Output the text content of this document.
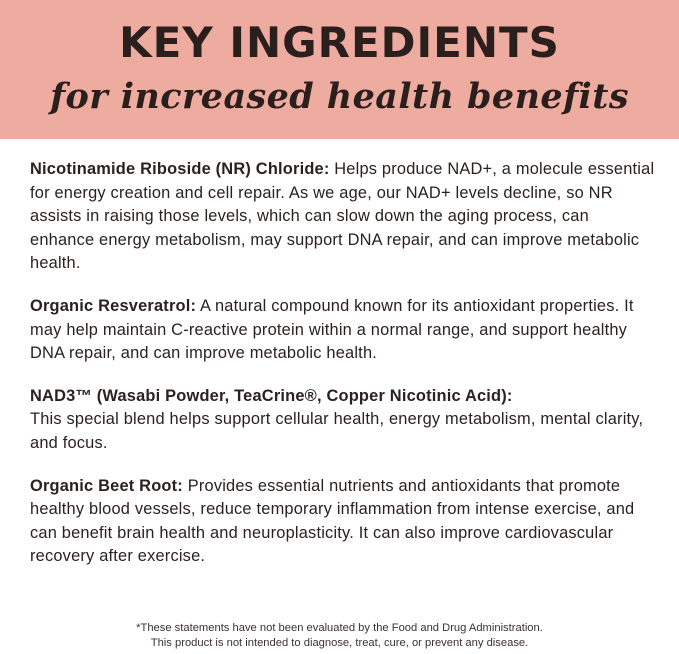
KEY INGREDIENTS
for increased health benefits

Nicotinamide Riboside (NR) Chloride: Helps produce NAD+, a molecule essential for energy creation and cell repair. As we age, our NAD+ levels decline, so NR assists in raising those levels, which can slow down the aging process, can enhance energy metabolism, may support DNA repair, and can improve metabolic health.

Organic Resveratrol: A natural compound known for its antioxidant properties. It may help maintain C-reactive protein within a normal range, and support healthy DNA repair, and can improve metabolic health.

NAD3™ (Wasabi Powder, TeaCrine®, Copper Nicotinic Acid):
This special blend helps support cellular health, energy metabolism, mental clarity, and focus.

Organic Beet Root: Provides essential nutrients and antioxidants that promote healthy blood vessels, reduce temporary inflammation from intense exercise, and can benefit brain health and neuroplasticity. It can also improve cardiovascular recovery after exercise.

*These statements have not been evaluated by the Food and Drug Administration.
This product is not intended to diagnose, treat, cure, or prevent any disease.
